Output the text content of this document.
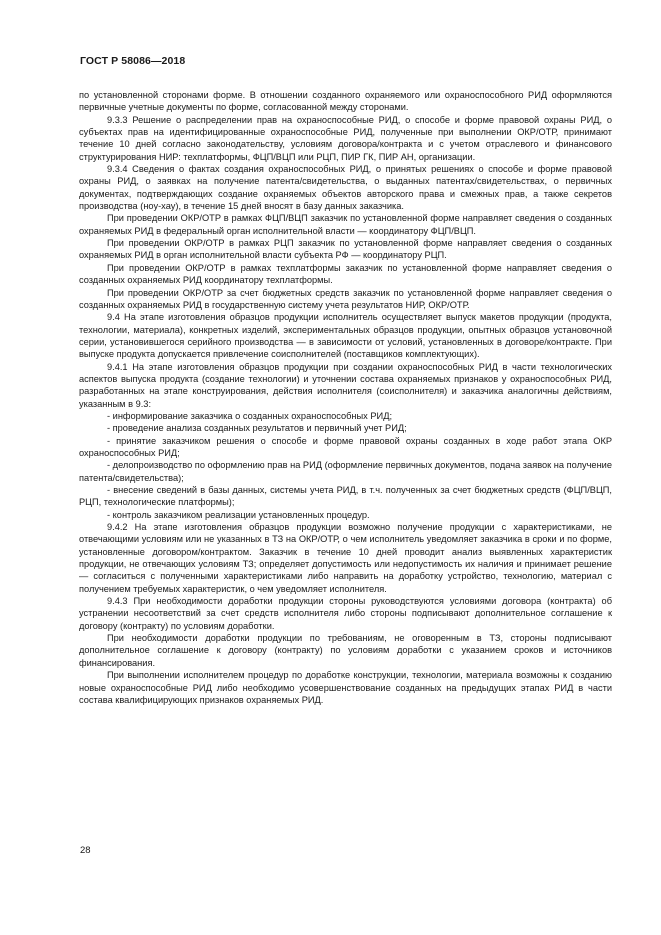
ГОСТ Р 58086—2018

по установленной сторонами форме. В отношении созданного охраняемого или охраноспособного РИД оформляются первичные учетные документы по форме, согласованной между сторонами.

9.3.3 Решение о распределении прав на охраноспособные РИД, о способе и форме правовой охраны РИД, о субъектах прав на идентифицированные охраноспособные РИД, полученные при выполнении ОКР/ОТР, принимают течение 10 дней согласно законодательству, условиям договора/контракта и с учетом отраслевого и финансового структурирования НИР: техплатформы, ФЦП/ВЦП или РЦП, ПИР ГК, ПИР АН, организации.

9.3.4 Сведения о фактах создания охраноспособных РИД, о принятых решениях о способе и форме правовой охраны РИД, о заявках на получение патента/свидетельства, о выданных патентах/свидетельствах, о первичных документах, подтверждающих создание охраняемых объектов авторского права и смежных прав, а также секретов производства (ноу-хау), в течение 15 дней вносят в базу данных заказчика.

При проведении ОКР/ОТР в рамках ФЦП/ВЦП заказчик по установленной форме направляет сведения о созданных охраняемых РИД в федеральный орган исполнительной власти — координатору ФЦП/ВЦП.

При проведении ОКР/ОТР в рамках РЦП заказчик по установленной форме направляет сведения о созданных охраняемых РИД в орган исполнительной власти субъекта РФ — координатору РЦП.

При проведении ОКР/ОТР в рамках техплатформы заказчик по установленной форме направляет сведения о созданных охраняемых РИД координатору техплатформы.

При проведении ОКР/ОТР за счет бюджетных средств заказчик по установленной форме направляет сведения о созданных охраняемых РИД в государственную систему учета результатов НИР, ОКР/ОТР.

9.4 На этапе изготовления образцов продукции исполнитель осуществляет выпуск макетов продукции (продукта, технологии, материала), конкретных изделий, экспериментальных образцов продукции, опытных образцов установочной серии, установившегося серийного производства — в зависимости от условий, установленных в договоре/контракте. При выпуске продукта допускается привлечение соисполнителей (поставщиков комплектующих).

9.4.1 На этапе изготовления образцов продукции при создании охраноспособных РИД в части технологических аспектов выпуска продукта (создание технологии) и уточнении состава охраняемых признаков у охраноспособных РИД, разработанных на этапе конструирования, действия исполнителя (соисполнителя) и заказчика аналогичны действиям, указанным в 9.3:

- информирование заказчика о созданных охраноспособных РИД;

- проведение анализа созданных результатов и первичный учет РИД;

- принятие заказчиком решения о способе и форме правовой охраны созданных в ходе работ этапа ОКР охраноспособных РИД;

- делопроизводство по оформлению прав на РИД (оформление первичных документов, подача заявок на получение патента/свидетельства);

- внесение сведений в базы данных, системы учета РИД, в т.ч. полученных за счет бюджетных средств (ФЦП/ВЦП, РЦП, технологические платформы);

- контроль заказчиком реализации установленных процедур.

9.4.2 На этапе изготовления образцов продукции возможно получение продукции с характеристиками, не отвечающими условиям или не указанных в ТЗ на ОКР/ОТР, о чем исполнитель уведомляет заказчика в сроки и по форме, установленные договором/контрактом. Заказчик в течение 10 дней проводит анализ выявленных характеристик продукции, не отвечающих условиям ТЗ; определяет допустимость или недопустимость их наличия и принимает решение — согласиться с полученными характеристиками либо направить на доработку устройство, технологию, материал с получением требуемых характеристик, о чем уведомляет исполнителя.

9.4.3 При необходимости доработки продукции стороны руководствуются условиями договора (контракта) об устранении несоответствий за счет средств исполнителя либо стороны подписывают дополнительное соглашение к договору (контракту) по условиям доработки.

При необходимости доработки продукции по требованиям, не оговоренным в ТЗ, стороны подписывают дополнительное соглашение к договору (контракту) по условиям доработки с указанием сроков и источников финансирования.

При выполнении исполнителем процедур по доработке конструкции, технологии, материала возможны к созданию новые охраноспособные РИД либо необходимо усовершенствование созданных на предыдущих этапах РИД в части состава квалифицирующих признаков охраняемых РИД.

28
